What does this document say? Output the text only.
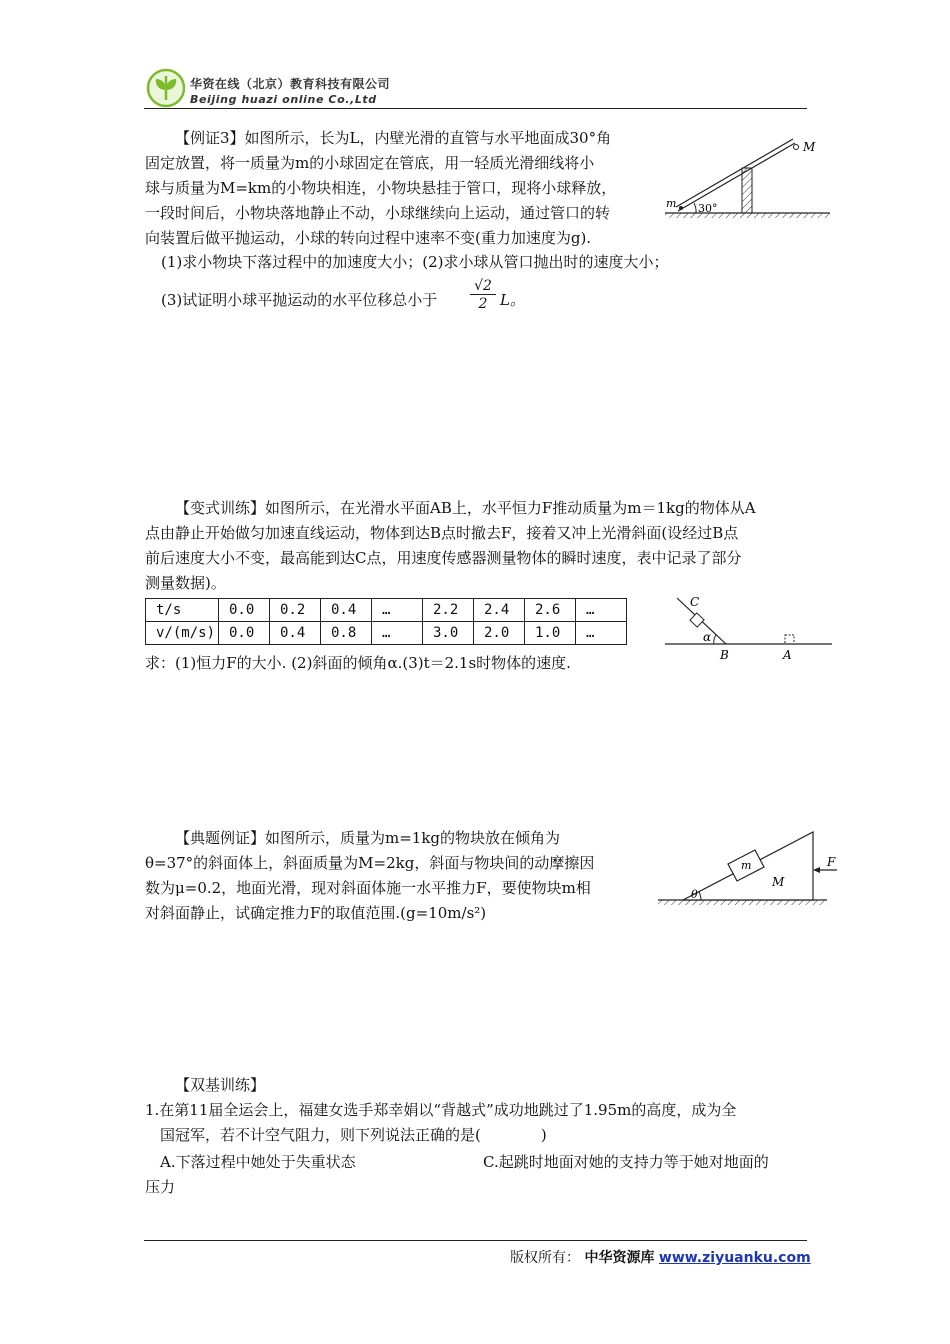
华资在线（北京）教育科技有限公司
Beijing huazi online Co.,Ltd
【例证3】如图所示，长为L，内壁光滑的直管与水平地面成30°角
固定放置，将一质量为m的小球固定在管底，用一轻质光滑细线将小
球与质量为M=km的小物块相连，小物块悬挂于管口，现将小球释放，
一段时间后，小物块落地静止不动，小球继续向上运动，通过管口的转
向装置后做平抛运动，小球的转向过程中速率不变(重力加速度为g).
(1)求小物块下落过程中的加速度大小；(2)求小球从管口抛出时的速度大小；
(3)试证明小球平抛运动的水平位移总小于 $\frac{√2}{2}$ L。
M
m 30°
【变式训练】如图所示，在光滑水平面AB上，水平恒力F推动质量为m＝1kg的物体从A
点由静止开始做匀加速直线运动，物体到达B点时撤去F，接着又冲上光滑斜面(设经过B点
前后速度大小不变，最高能到达C点，用速度传感器测量物体的瞬时速度，表中记录了部分
测量数据)。
t/s	0.0	0.2	0.4	…	2.2	2.4	2.6	…
v/(m/s)	0.0	0.4	0.8	…	3.0	2.0	1.0	…
求：(1)恒力F的大小. (2)斜面的倾角α.(3)t＝2.1s时物体的速度.
C
α
B	A
【典题例证】如图所示，质量为m=1kg的物块放在倾角为
θ=37°的斜面体上，斜面质量为M=2kg，斜面与物块间的动摩擦因
数为μ=0.2，地面光滑，现对斜面体施一水平推力F，要使物块m相
对斜面静止，试确定推力F的取值范围.(g=10m/s²)
m
M
F
θ
【双基训练】
1.在第11届全运会上，福建女选手郑幸娟以“背越式”成功地跳过了1.95m的高度，成为全
国冠军，若不计空气阻力，则下列说法正确的是(　　　　)
A.下落过程中她处于失重状态	C.起跳时地面对她的支持力等于她对地面的
压力
版权所有： 中华资源库 www.ziyuanku.com
